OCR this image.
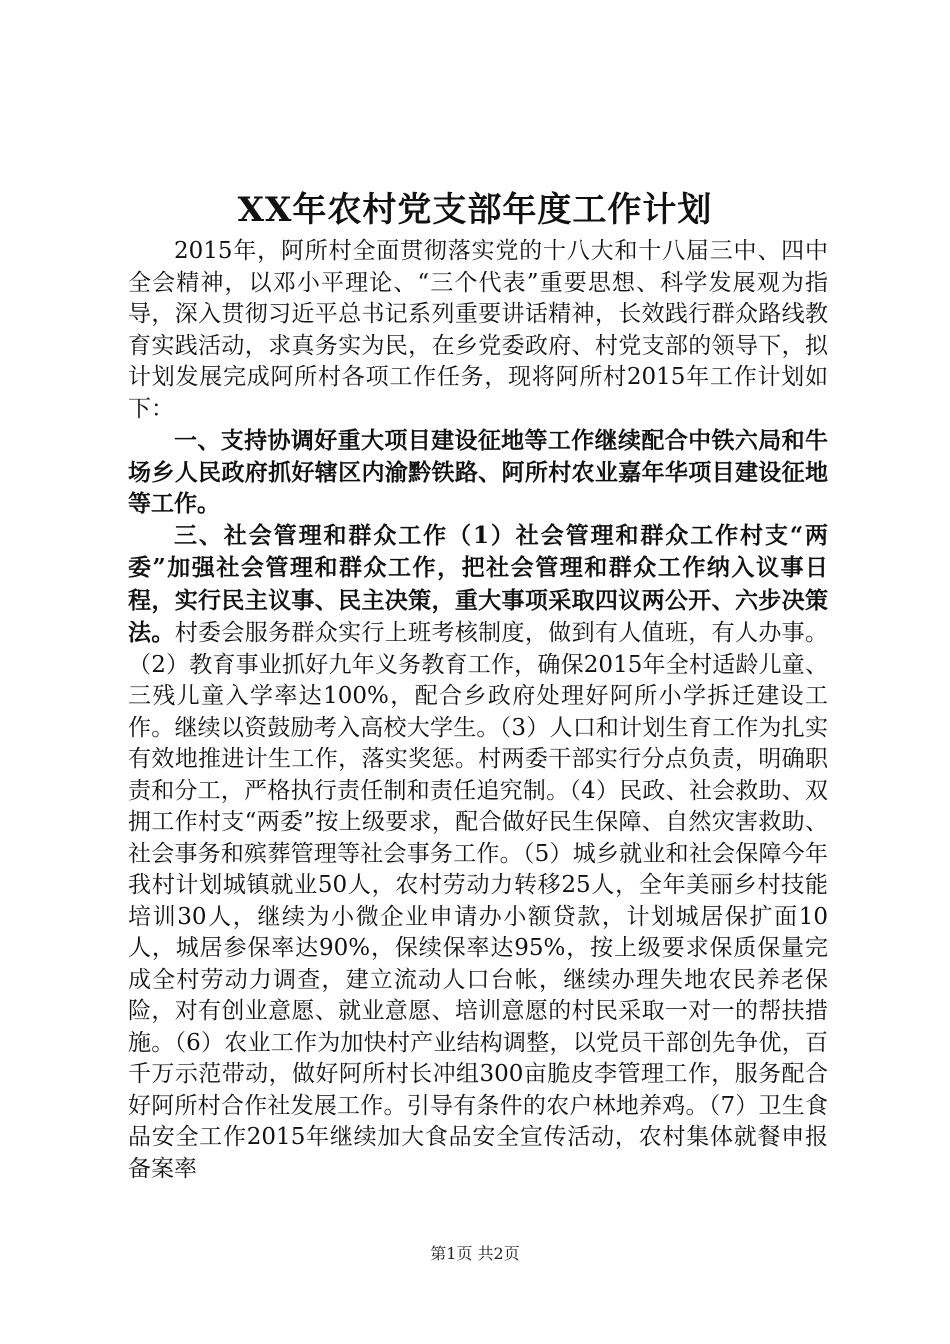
XX年农村党支部年度工作计划

2015年，阿所村全面贯彻落实党的十八大和十八届三中、四中全会精神，以邓小平理论、“三个代表”重要思想、科学发展观为指导，深入贯彻习近平总书记系列重要讲话精神，长效践行群众路线教育实践活动，求真务实为民，在乡党委政府、村党支部的领导下，拟计划发展完成阿所村各项工作任务，现将阿所村2015年工作计划如下：

一、支持协调好重大项目建设征地等工作继续配合中铁六局和牛场乡人民政府抓好辖区内渝黔铁路、阿所村农业嘉年华项目建设征地等工作。

三、社会管理和群众工作（1）社会管理和群众工作村支“两委”加强社会管理和群众工作，把社会管理和群众工作纳入议事日程，实行民主议事、民主决策，重大事项采取四议两公开、六步决策法。村委会服务群众实行上班考核制度，做到有人值班，有人办事。（2）教育事业抓好九年义务教育工作，确保2015年全村适龄儿童、三残儿童入学率达100%，配合乡政府处理好阿所小学拆迁建设工作。继续以资鼓励考入高校大学生。（3）人口和计划生育工作为扎实有效地推进计生工作，落实奖惩。村两委干部实行分点负责，明确职责和分工，严格执行责任制和责任追究制。（4）民政、社会救助、双拥工作村支“两委”按上级要求，配合做好民生保障、自然灾害救助、社会事务和殡葬管理等社会事务工作。（5）城乡就业和社会保障今年我村计划城镇就业50人，农村劳动力转移25人，全年美丽乡村技能培训30人，继续为小微企业申请办小额贷款，计划城居保扩面10人，城居参保率达90%，保续保率达95%，按上级要求保质保量完成全村劳动力调查，建立流动人口台帐，继续办理失地农民养老保险，对有创业意愿、就业意愿、培训意愿的村民采取一对一的帮扶措施。（6）农业工作为加快村产业结构调整，以党员干部创先争优，百千万示范带动，做好阿所村长冲组300亩脆皮李管理工作，服务配合好阿所村合作社发展工作。引导有条件的农户林地养鸡。（7）卫生食品安全工作2015年继续加大食品安全宣传活动，农村集体就餐申报备案率

第1页 共2页
